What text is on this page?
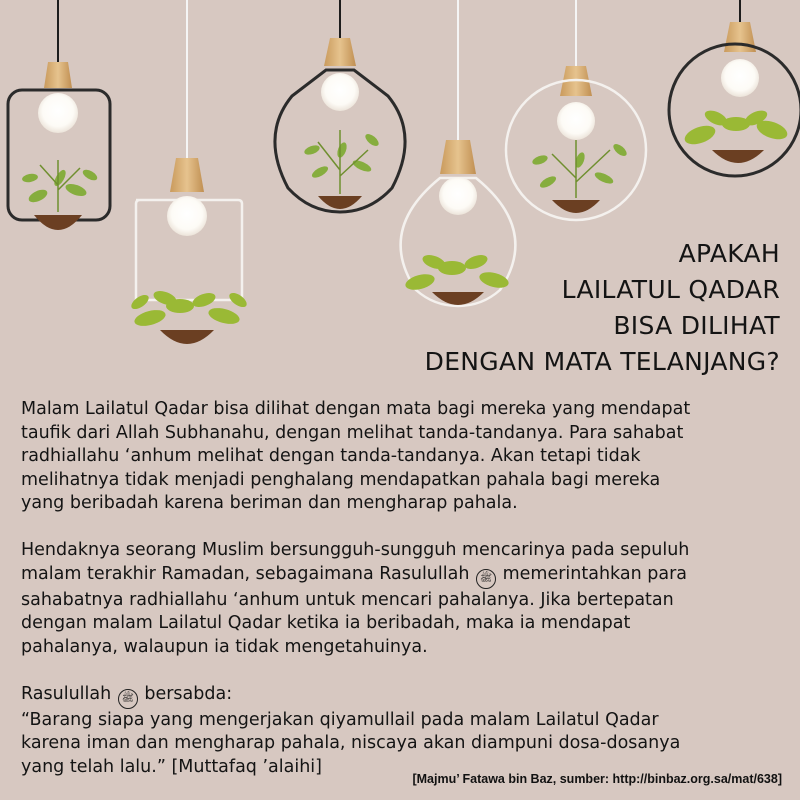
APAKAH
LAILATUL QADAR
BISA DILIHAT
DENGAN MATA TELANJANG?

Malam Lailatul Qadar bisa dilihat dengan mata bagi mereka yang mendapat
taufik dari Allah Subhanahu, dengan melihat tanda-tandanya. Para sahabat
radhiallahu ‘anhum melihat dengan tanda-tandanya. Akan tetapi tidak
melihatnya tidak menjadi penghalang mendapatkan pahala bagi mereka
yang beribadah karena beriman dan mengharap pahala.

Hendaknya seorang Muslim bersungguh-sungguh mencarinya pada sepuluh
malam terakhir Ramadan, sebagaimana Rasulullah ﷺ memerintahkan para
sahabatnya radhiallahu ‘anhum untuk mencari pahalanya. Jika bertepatan
dengan malam Lailatul Qadar ketika ia beribadah, maka ia mendapat
pahalanya, walaupun ia tidak mengetahuinya.

Rasulullah ﷺ bersabda:
“Barang siapa yang mengerjakan qiyamullail pada malam Lailatul Qadar
karena iman dan mengharap pahala, niscaya akan diampuni dosa-dosanya
yang telah lalu.” [Muttafaq ’alaihi]

[Majmu’ Fatawa bin Baz, sumber: http://binbaz.org.sa/mat/638]
